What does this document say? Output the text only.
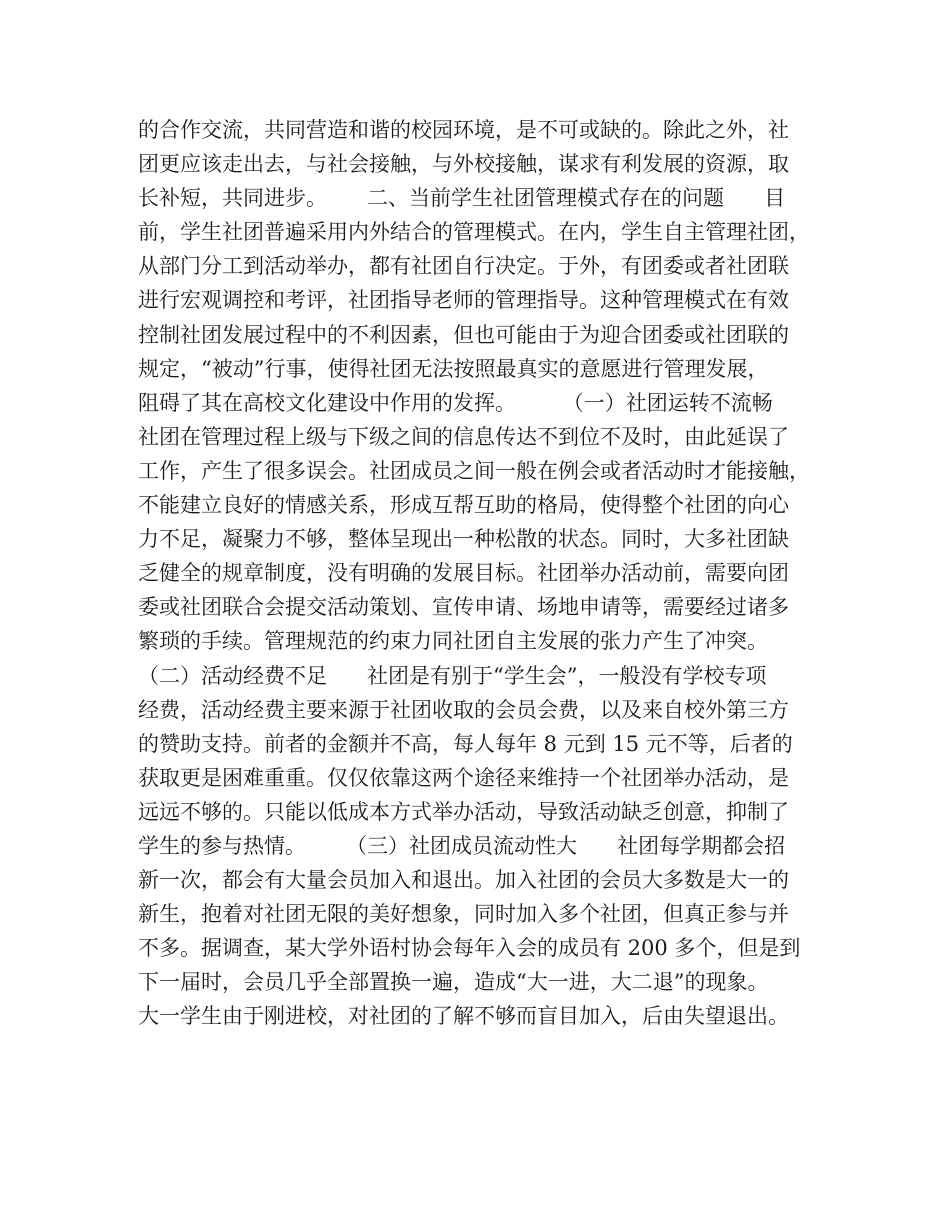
的合作交流，共同营造和谐的校园环境，是不可或缺的。除此之外，社
团更应该走出去，与社会接触，与外校接触，谋求有利发展的资源，取
长补短，共同进步。      二、当前学生社团管理模式存在的问题      目
前，学生社团普遍采用内外结合的管理模式。在内，学生自主管理社团，
从部门分工到活动举办，都有社团自行决定。于外，有团委或者社团联
进行宏观调控和考评，社团指导老师的管理指导。这种管理模式在有效
控制社团发展过程中的不利因素，但也可能由于为迎合团委或社团联的
规定，“被动”行事，使得社团无法按照最真实的意愿进行管理发展，
阻碍了其在高校文化建设中作用的发挥。       （一）社团运转不流畅
社团在管理过程上级与下级之间的信息传达不到位不及时，由此延误了
工作，产生了很多误会。社团成员之间一般在例会或者活动时才能接触，
不能建立良好的情感关系，形成互帮互助的格局，使得整个社团的向心
力不足，凝聚力不够，整体呈现出一种松散的状态。同时，大多社团缺
乏健全的规章制度，没有明确的发展目标。社团举办活动前，需要向团
委或社团联合会提交活动策划、宣传申请、场地申请等，需要经过诸多
繁琐的手续。管理规范的约束力同社团自主发展的张力产生了冲突。
（二）活动经费不足      社团是有别于“学生会”，一般没有学校专项
经费，活动经费主要来源于社团收取的会员会费，以及来自校外第三方
的赞助支持。前者的金额并不高，每人每年 8 元到 15 元不等，后者的
获取更是困难重重。仅仅依靠这两个途径来维持一个社团举办活动，是
远远不够的。只能以低成本方式举办活动，导致活动缺乏创意，抑制了
学生的参与热情。      （三）社团成员流动性大      社团每学期都会招
新一次，都会有大量会员加入和退出。加入社团的会员大多数是大一的
新生，抱着对社团无限的美好想象，同时加入多个社团，但真正参与并
不多。据调查，某大学外语村协会每年入会的成员有 200 多个，但是到
下一届时，会员几乎全部置换一遍，造成“大一进，大二退”的现象。
大一学生由于刚进校，对社团的了解不够而盲目加入，后由失望退出。
